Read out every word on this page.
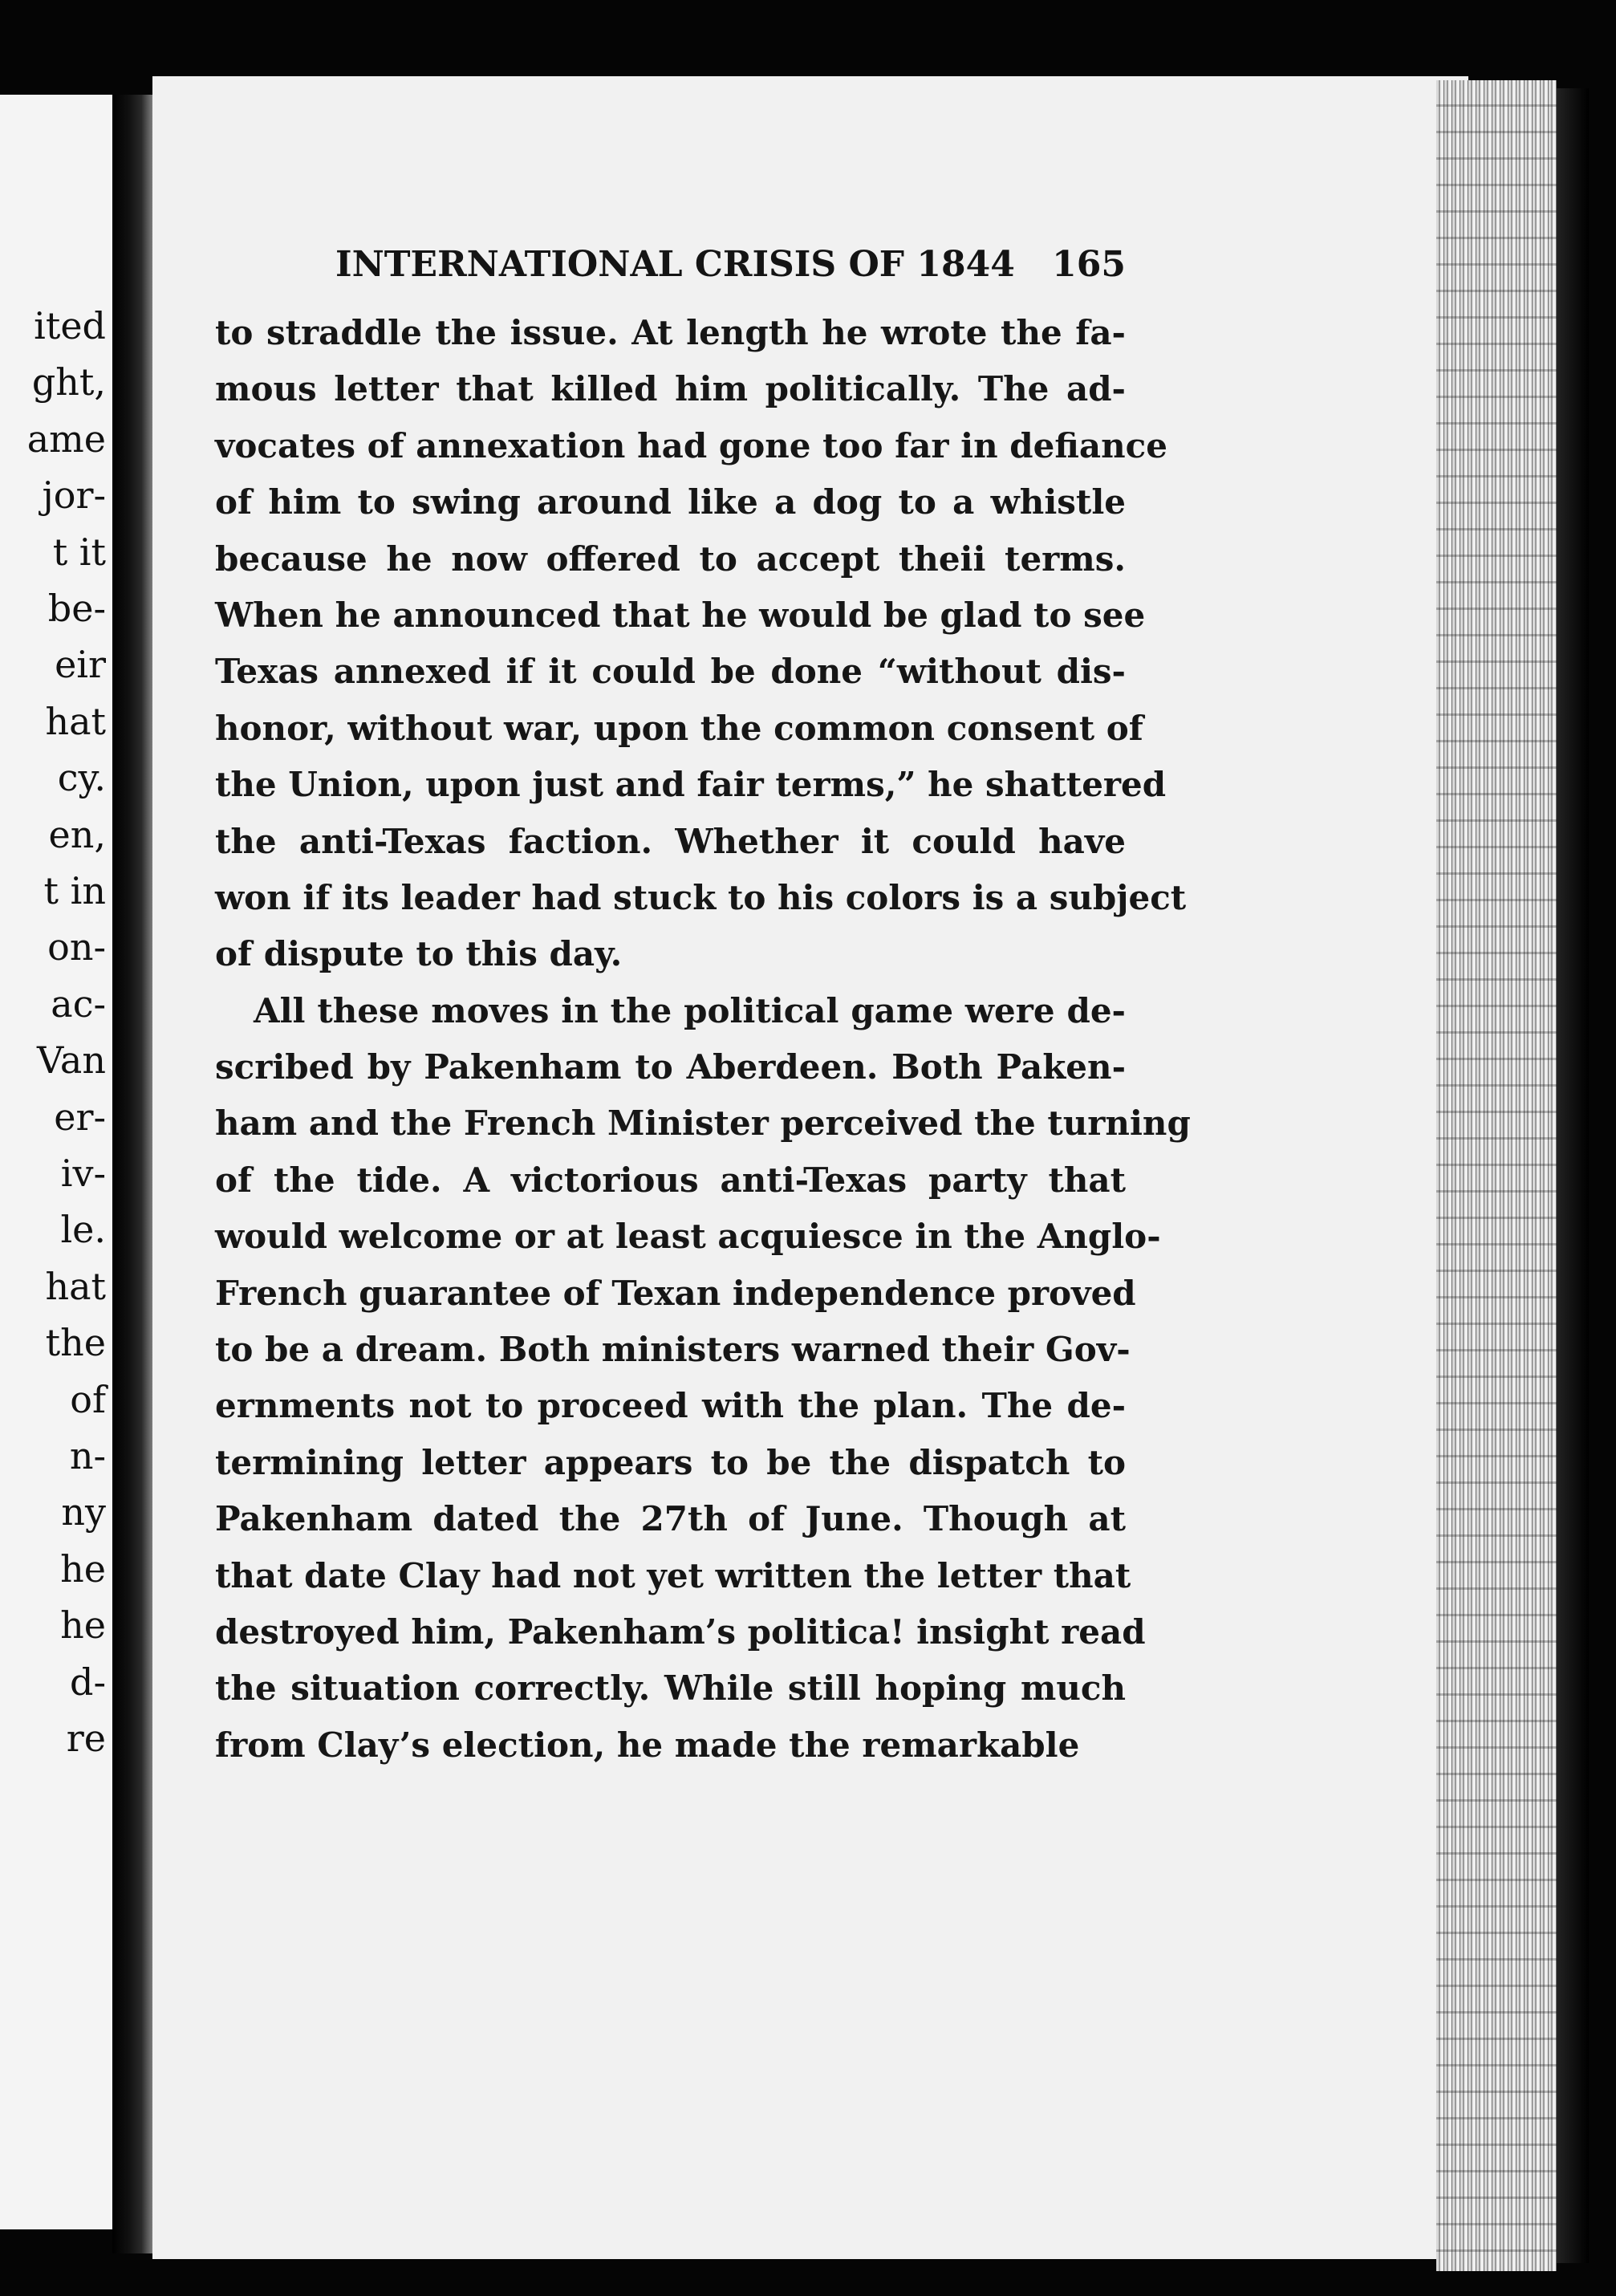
ited
ght,
ame
jor-
t it
be-
eir
hat
cy.
en,
t in
on-
ac-
Van
er-
iv-
le.
hat
the
of
n-
ny
he
he
d-
re
INTERNATIONAL CRISIS OF 1844 165
to straddle the issue. At length he wrote the fa-
mous letter that killed him politically. The ad-
vocates of annexation had gone too far in defiance
of him to swing around like a dog to a whistle
because he now offered to accept theii terms.
When he announced that he would be glad to see
Texas annexed if it could be done “without dis-
honor, without war, upon the common consent of
the Union, upon just and fair terms,” he shattered
the anti-Texas faction. Whether it could have
won if its leader had stuck to his colors is a subject
of dispute to this day.
All these moves in the political game were de-
scribed by Pakenham to Aberdeen. Both Paken-
ham and the French Minister perceived the turning
of the tide. A victorious anti-Texas party that
would welcome or at least acquiesce in the Anglo-
French guarantee of Texan independence proved
to be a dream. Both ministers warned their Gov-
ernments not to proceed with the plan. The de-
termining letter appears to be the dispatch to
Pakenham dated the 27th of June. Though at
that date Clay had not yet written the letter that
destroyed him, Pakenham’s politica! insight read
the situation correctly. While still hoping much
from Clay’s election, he made the remarkable
